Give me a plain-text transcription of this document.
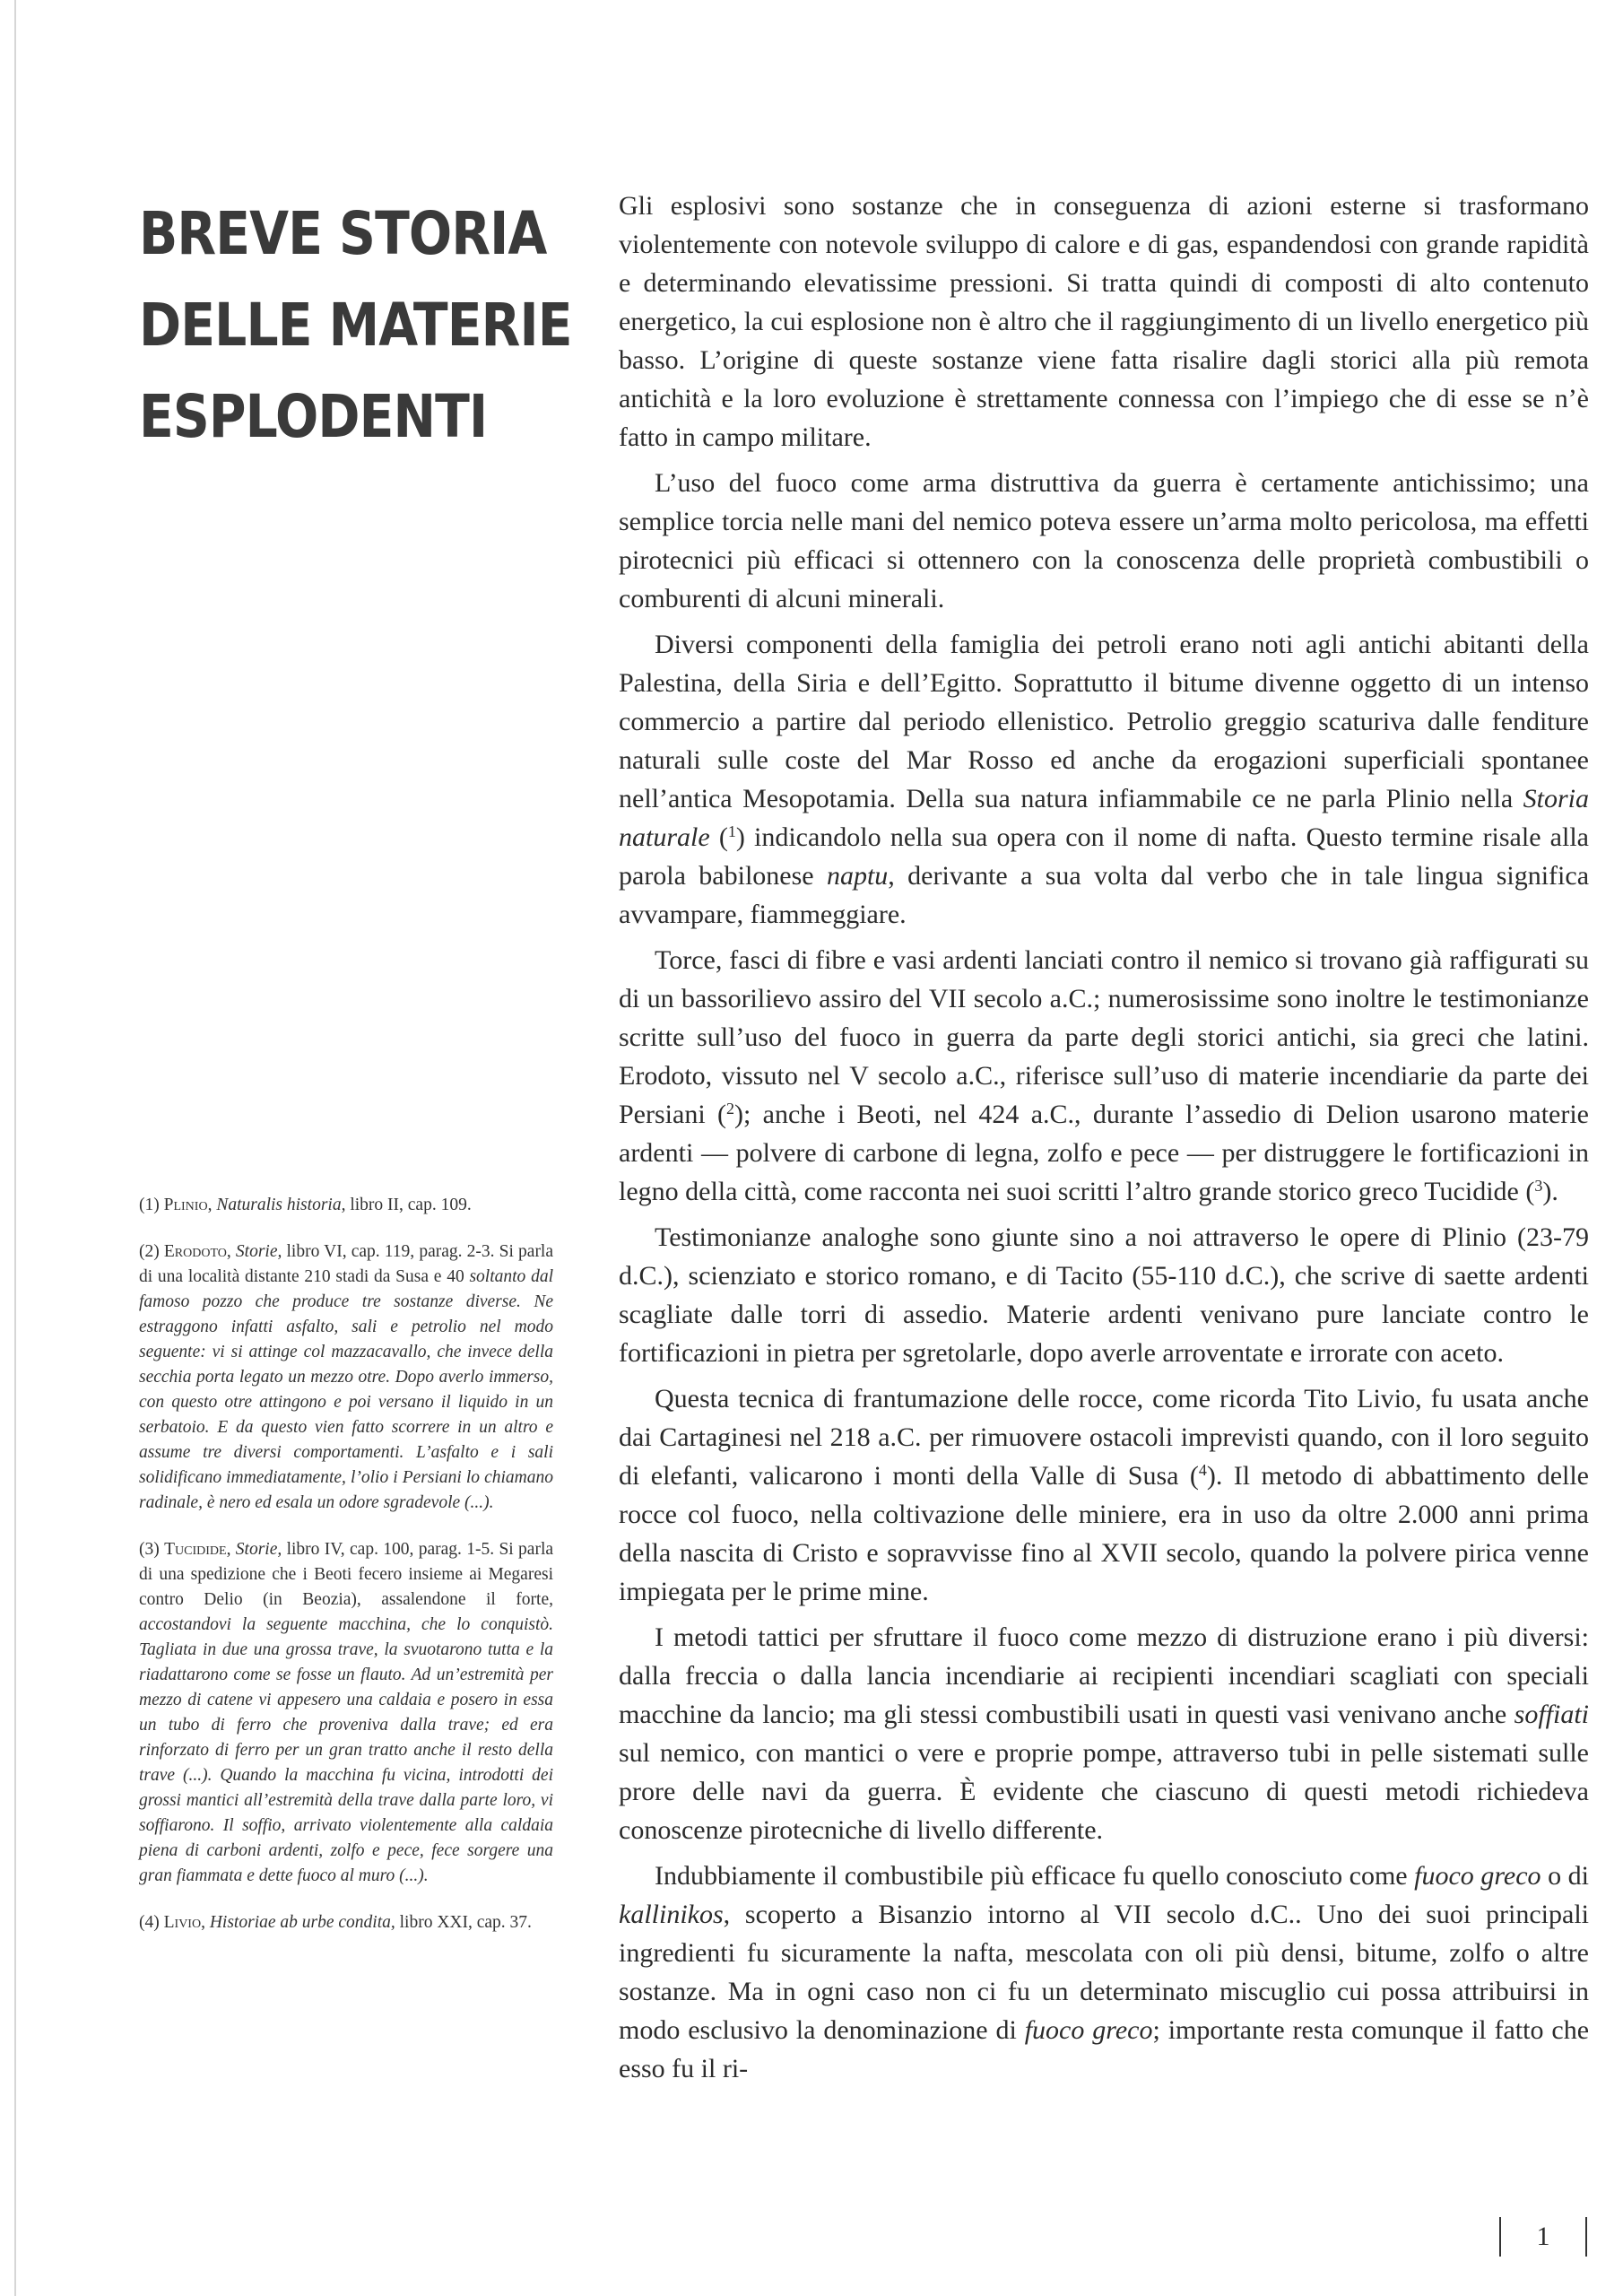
BREVE STORIA
DELLE MATERIE
ESPLODENTI

(1) Plinio, Naturalis historia, libro II, cap. 109.

(2) Erodoto, Storie, libro VI, cap. 119, parag. 2-3. Si parla di una località distante 210 stadi da Susa e 40 soltanto dal famoso pozzo che produce tre sostanze diverse. Ne estraggono infatti asfalto, sali e petrolio nel modo seguente: vi si attinge col mazzacavallo, che invece della secchia porta legato un mezzo otre. Dopo averlo immerso, con questo otre attingono e poi versano il liquido in un serbatoio. E da questo vien fatto scorrere in un altro e assume tre diversi comportamenti. L’asfalto e i sali solidificano immediatamente, l’olio i Persiani lo chiamano radinale, è nero ed esala un odore sgradevole (...).

(3) Tucidide, Storie, libro IV, cap. 100, parag. 1-5. Si parla di una spedizione che i Beoti fecero insieme ai Megaresi contro Delio (in Beozia), assalendone il forte, accostandovi la seguente macchina, che lo conquistò. Tagliata in due una grossa trave, la svuotarono tutta e la riadattarono come se fosse un flauto. Ad un’estremità per mezzo di catene vi appesero una caldaia e posero in essa un tubo di ferro che proveniva dalla trave; ed era rinforzato di ferro per un gran tratto anche il resto della trave (...). Quando la macchina fu vicina, introdotti dei grossi mantici all’estremità della trave dalla parte loro, vi soffiarono. Il soffio, arrivato violentemente alla caldaia piena di carboni ardenti, zolfo e pece, fece sorgere una gran fiammata e dette fuoco al muro (...).

(4) Livio, Historiae ab urbe condita, libro XXI, cap. 37.

Gli esplosivi sono sostanze che in conseguenza di azioni esterne si trasformano violentemente con notevole sviluppo di calore e di gas, espandendosi con grande rapidità e determinando elevatissime pressioni. Si tratta quindi di composti di alto contenuto energetico, la cui esplosione non è altro che il raggiungimento di un livello energetico più basso. L’origine di queste sostanze viene fatta risalire dagli storici alla più remota antichità e la loro evoluzione è strettamente connessa con l’impiego che di esse se n’è fatto in campo militare.

L’uso del fuoco come arma distruttiva da guerra è certamente antichissimo; una semplice torcia nelle mani del nemico poteva essere un’arma molto pericolosa, ma effetti pirotecnici più efficaci si ottennero con la conoscenza delle proprietà combustibili o comburenti di alcuni minerali.

Diversi componenti della famiglia dei petroli erano noti agli antichi abitanti della Palestina, della Siria e dell’Egitto. Soprattutto il bitume divenne oggetto di un intenso commercio a partire dal periodo ellenistico. Petrolio greggio scaturiva dalle fenditure naturali sulle coste del Mar Rosso ed anche da erogazioni superficiali spontanee nell’antica Mesopotamia. Della sua natura infiammabile ce ne parla Plinio nella Storia naturale ($^1$) indicandolo nella sua opera con il nome di nafta. Questo termine risale alla parola babilonese naptu, derivante a sua volta dal verbo che in tale lingua significa avvampare, fiammeggiare.

Torce, fasci di fibre e vasi ardenti lanciati contro il nemico si trovano già raffigurati su di un bassorilievo assiro del VII secolo a.C.; numerosissime sono inoltre le testimonianze scritte sull’uso del fuoco in guerra da parte degli storici antichi, sia greci che latini. Erodoto, vissuto nel V secolo a.C., riferisce sull’uso di materie incendiarie da parte dei Persiani ($^2$); anche i Beoti, nel 424 a.C., durante l’assedio di Delion usarono materie ardenti — polvere di carbone di legna, zolfo e pece — per distruggere le fortificazioni in legno della città, come racconta nei suoi scritti l’altro grande storico greco Tucidide ($^3$).

Testimonianze analoghe sono giunte sino a noi attraverso le opere di Plinio (23-79 d.C.), scienziato e storico romano, e di Tacito (55-110 d.C.), che scrive di saette ardenti scagliate dalle torri di assedio. Materie ardenti venivano pure lanciate contro le fortificazioni in pietra per sgretolarle, dopo averle arroventate e irrorate con aceto.

Questa tecnica di frantumazione delle rocce, come ricorda Tito Livio, fu usata anche dai Cartaginesi nel 218 a.C. per rimuovere ostacoli imprevisti quando, con il loro seguito di elefanti, valicarono i monti della Valle di Susa ($^4$). Il metodo di abbattimento delle rocce col fuoco, nella coltivazione delle miniere, era in uso da oltre 2.000 anni prima della nascita di Cristo e sopravvisse fino al XVII secolo, quando la polvere pirica venne impiegata per le prime mine.

I metodi tattici per sfruttare il fuoco come mezzo di distruzione erano i più diversi: dalla freccia o dalla lancia incendiarie ai recipienti incendiari scagliati con speciali macchine da lancio; ma gli stessi combustibili usati in questi vasi venivano anche soffiati sul nemico, con mantici o vere e proprie pompe, attraverso tubi in pelle sistemati sulle prore delle navi da guerra. È evidente che ciascuno di questi metodi richiedeva conoscenze pirotecniche di livello differente.

Indubbiamente il combustibile più efficace fu quello conosciuto come fuoco greco o di kallinikos, scoperto a Bisanzio intorno al VII secolo d.C.. Uno dei suoi principali ingredienti fu sicuramente la nafta, mescolata con oli più densi, bitume, zolfo o altre sostanze. Ma in ogni caso non ci fu un determinato miscuglio cui possa attribuirsi in modo esclusivo la denominazione di fuoco greco; importante resta comunque il fatto che esso fu il ri-

1
